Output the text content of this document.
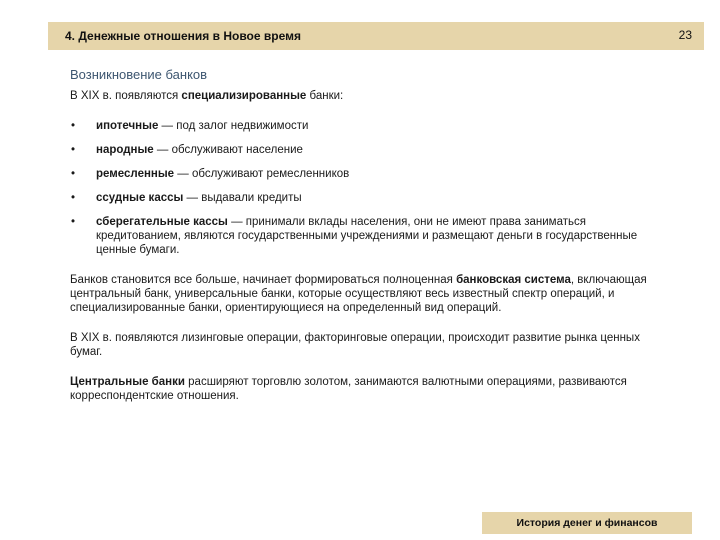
4. Денежные отношения в Новое время	23
Возникновение банков
В XIX в. появляются специализированные банки:
• ипотечные — под залог недвижимости
• народные — обслуживают население
• ремесленные — обслуживают ремесленников
• ссудные кассы — выдавали кредиты
• сберегательные кассы — принимали вклады населения, они не имеют права заниматься кредитованием, являются государственными учреждениями и размещают деньги в государственные ценные бумаги.

Банков становится все больше, начинает формироваться полноценная банковская система, включающая центральный банк, универсальные банки, которые осуществляют весь известный спектр операций, и специализированные банки, ориентирующиеся на определенный вид операций.

В XIX в. появляются лизинговые операции, факторинговые операции, происходит развитие рынка ценных бумаг.

Центральные банки расширяют торговлю золотом, занимаются валютными операциями, развиваются корреспондентские отношения.

История денег и финансов
